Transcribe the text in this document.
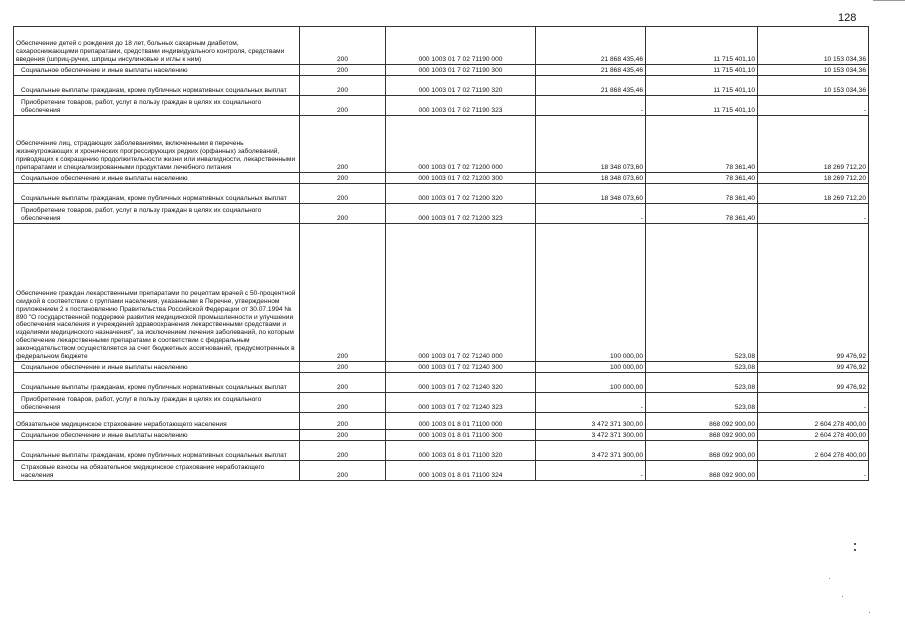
128
Обеспечение детей с рождения до 18 лет, больных сахарным диабетом, сахароснижающими препаратами, средствами индивидуального контроля, средствами введения (шприц-ручки, шприцы инсулиновые и иглы к ним)	200	000 1003 01 7 02 71190 000	21 868 435,46	11 715 401,10	10 153 034,36

Социальное обеспечение и иные выплаты населению	200	000 1003 01 7 02 71190 300	21 868 435,46	11 715 401,10	10 153 034,36

Социальные выплаты гражданам, кроме публичных нормативных социальных выплат	200	000 1003 01 7 02 71190 320	21 868 435,46	11 715 401,10	10 153 034,36

Приобретение товаров, работ, услуг в пользу граждан в целях их социального обеспечения	200	000 1003 01 7 02 71190 323	-	11 715 401,10	-

Обеспечение лиц, страдающих заболеваниями, включенными в перечень жизнеугрожающих и хронических прогрессирующих редких (орфанных) заболеваний, приводящих к сокращению продолжительности жизни или инвалидности, лекарственными препаратами и специализированными продуктами лечебного питания	200	000 1003 01 7 02 71200 000	18 348 073,60	78 361,40	18 269 712,20

Социальное обеспечение и иные выплаты населению	200	000 1003 01 7 02 71200 300	18 348 073,60	78 361,40	18 269 712,20

Социальные выплаты гражданам, кроме публичных нормативных социальных выплат	200	000 1003 01 7 02 71200 320	18 348 073,60	78 361,40	18 269 712,20

Приобретение товаров, работ, услуг в пользу граждан в целях их социального обеспечения	200	000 1003 01 7 02 71200 323	-	78 361,40	-

Обеспечение граждан лекарственными препаратами по рецептам врачей с 50-процентной скидкой в соответствии с группами населения, указанными в Перечне, утвержденном приложением 2 к постановлению Правительства Российской Федерации от 30.07.1994 № 890 "О государственной поддержке развития медицинской промышленности и улучшении обеспечения населения и учреждений здравоохранения лекарственными средствами и изделиями медицинского назначения", за исключением лечения заболеваний, по которым обеспечение лекарственными препаратами в соответствии с федеральным законодательством осуществляется за счет бюджетных ассигнований, предусмотренных в федеральном бюджете	200	000 1003 01 7 02 71240 000	100 000,00	523,08	99 476,92

Социальное обеспечение и иные выплаты населению	200	000 1003 01 7 02 71240 300	100 000,00	523,08	99 476,92

Социальные выплаты гражданам, кроме публичных нормативных социальных выплат	200	000 1003 01 7 02 71240 320	100 000,00	523,08	99 476,92

Приобретение товаров, работ, услуг в пользу граждан в целях их социального обеспечения	200	000 1003 01 7 02 71240 323	-	523,08	-

Обязательное медицинское страхование неработающего населения	200	000 1003 01 8 01 71100 000	3 472 371 300,00	868 092 900,00	2 604 278 400,00

Социальное обеспечение и иные выплаты населению	200	000 1003 01 8 01 71100 300	3 472 371 300,00	868 092 900,00	2 604 278 400,00

Социальные выплаты гражданам, кроме публичных нормативных социальных выплат	200	000 1003 01 8 01 71100 320	3 472 371 300,00	868 092 900,00	2 604 278 400,00

Страховые взносы на обязательное медицинское страхование неработающего населения	200	000 1003 01 8 01 71100 324	-	868 092 900,00	-
